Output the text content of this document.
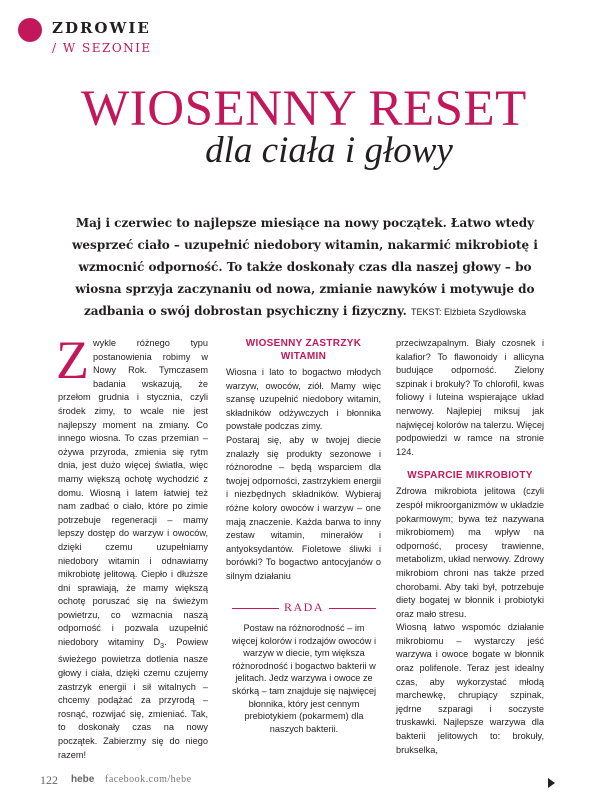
ZDROWIE
/ W SEZONIE
WIOSENNY RESET
dla ciała i głowy
Maj i czerwiec to najlepsze miesiące na nowy początek. Łatwo wtedy wesprzeć ciało – uzupełnić niedobory witamin, nakarmić mikrobiotę i wzmocnić odporność. To także doskonały czas dla naszej głowy – bo wiosna sprzyja zaczynaniu od nowa, zmianie nawyków i motywuje do zadbania o swój dobrostan psychiczny i fizyczny. TEKST: Elżbieta Szydłowska
Z wykle różnego typu postanowienia robimy w Nowy Rok. Tymczasem badania wskazują, że przełom grudnia i stycznia, czyli środek zimy, to wcale nie jest najlepszy moment na zmiany. Co innego wiosna. To czas przemian – ożywa przyroda, zmienia się rytm dnia, jest dużo więcej światła, więc mamy większą ochotę wychodzić z domu. Wiosną i latem łatwiej też nam zadbać o ciało, które po zimie potrzebuje regeneracji – mamy lepszy dostęp do warzyw i owoców, dzięki czemu uzupełniamy niedobory witamin i odnawiamy mikrobiotę jelitową. Ciepło i dłuższe dni sprawiają, że mamy większą ochotę poruszać się na świeżym powietrzu, co wzmacnia naszą odporność i pozwala uzupełnić niedobory witaminy $D_3$. Powiew świeżego powietrza dotlenia nasze głowy i ciała, dzięki czemu czujemy zastrzyk energii i sił witalnych – chcemy podążać za przyrodą – rosnąć, rozwijać się, zmieniać. Tak, to doskonały czas na nowy początek. Zabierzmy się do niego razem!

WIOSENNY ZASTRZYK WITAMIN

Wiosna i lato to bogactwo młodych warzyw, owoców, ziół. Mamy więc szansę uzupełnić niedobory witamin, składników odżywczych i błonnika powstałe podczas zimy.

Postaraj się, aby w twojej diecie znalazły się produkty sezonowe i różnorodne – będą wsparciem dla twojej odporności, zastrzykiem energii i niezbędnych składników. Wybieraj różne kolory owoców i warzyw – one mają znaczenie. Każda barwa to inny zestaw witamin, minerałów i antyoksydantów. Fioletowe śliwki i borówki? To bogactwo antocyjanów o silnym działaniu

RADA
Postaw na różnorodność – im więcej kolorów i rodzajów owoców i warzyw w diecie, tym większa różnorodność i bogactwo bakterii w jelitach. Jedz warzywa i owoce ze skórką – tam znajduje się najwięcej błonnika, który jest cennym prebiotykiem (pokarmem) dla naszych bakterii.

przeciwzapalnym. Biały czosnek i kalafior? To flawonoidy i allicyna budujące odporność. Zielony szpinak i brokuły? To chlorofil, kwas foliowy i luteina wspierające układ nerwowy. Najlepiej miksuj jak najwięcej kolorów na talerzu. Więcej podpowiedzi w ramce na stronie 124.

WSPARCIE MIKROBIOTY

Zdrowa mikrobiota jelitowa (czyli zespół mikroorganizmów w układzie pokarmowym; bywa też nazywana mikrobiomem) ma wpływ na odporność, procesy trawienne, metabolizm, układ nerwowy. Zdrowy mikrobiom chroni nas także przed chorobami. Aby taki był, potrzebuje diety bogatej w błonnik i probiotyki oraz mało stresu.

Wiosną łatwo wspomóc działanie mikrobiomu – wystarczy jeść warzywa i owoce bogate w błonnik oraz polifenole. Teraz jest idealny czas, aby wykorzystać młodą marchewkę, chrupiący szpinak, jędrne szparagi i soczyste truskawki. Najlepsze warzywa dla bakterii jelitowych to: brokuły, brukselka,

122 hebe facebook.com/hebe
